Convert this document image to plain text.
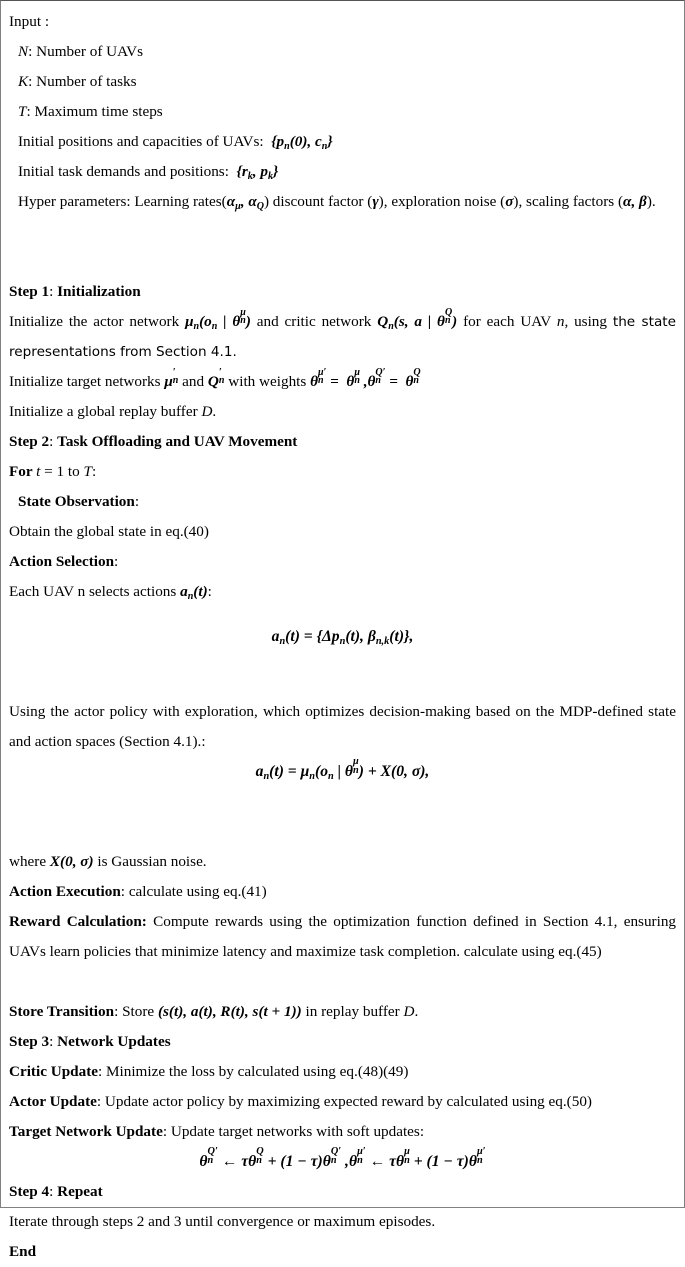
Input :
N: Number of UAVs
K: Number of tasks
T: Maximum time steps
Initial positions and capacities of UAVs:  {$p_n(0)$, $c_n$}
Initial task demands and positions:  {$r_k$, $p_k$}
Hyper parameters: Learning $rates(\alpha_\mu$, $\alpha_Q$) discount factor (γ), exploration noise (σ), scaling factors (α, β).
Step 1: Initialization
Initialize the actor network $\mu_n(o_n$ | θ
μ
n ) and critic network $Q_n(s$, a | θ
Q
n ) for each UAV n, using the state representations from Section 4.1.
Initialize target networks μ
′
n and Q
′
n with weights θ
μ′
n =  θ
μ
n ,θ
Q′
n =  θ
Q
n
Initialize a global replay buffer D.
Step 2: Task Offloading and UAV Movement
For t = 1 to T:
State Observation:
Obtain the global state in eq.(40)
Action Selection:
Each UAV n selects actions $a_n(t)$:
$a_n(t) = \{\Delta p_n(t)$, $\beta_{n,k}(t)$},
Using the actor policy with exploration, which optimizes decision-making based on the MDP-defined state and action spaces (Section 4.1).:
$a_n(t) = \mu_n(o_n$ | θ
μ
n ) + X(0, σ),
where X(0, σ) is Gaussian noise.
Action Execution: calculate using eq.(41)
Reward Calculation: Compute rewards using the optimization function defined in Section 4.1, ensuring UAVs learn policies that minimize latency and maximize task completion. calculate using eq.(45)
Store Transition: Store (s(t), a(t), R(t), s(t + 1)) in replay buffer D.
Step 3: Network Updates
Critic Update: Minimize the loss by calculated using eq.(48)(49)
Actor Update: Update actor policy by maximizing expected reward by calculated using eq.(50)
Target Network Update: Update target networks with soft updates:
θ
Q′
n ← τθ
Q
n + (1 − τ)θ
Q′
n ,θ
μ′
n ← τθ
μ
n + (1 − τ)θ
μ′
n
Step 4: Repeat
Iterate through steps 2 and 3 until convergence or maximum episodes.
End
